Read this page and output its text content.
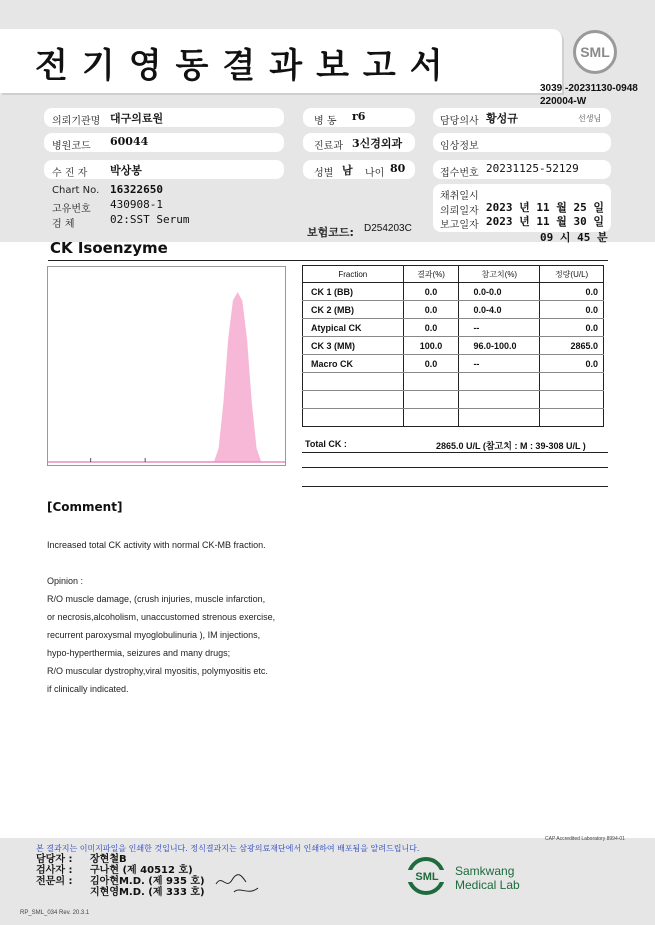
전기영동결과보고서	SML
3039 -20231130-0948
220004-W
의뢰기관명 대구의료원
병원코드 60044
수 진 자 박상봉
Chart No. 16322650
고유번호 430908-1
검 체	02:SST Serum
병 동 r6
진료과 3신경외과
성별 남 나이 80
보험코드: D254203C
담당의사 황성규	선생님
임상정보
접수번호 20231125-52129
채취일시
의뢰일자 2023 년 11 월 25 일
보고일자 2023 년 11 월 30 일
09 시 45 분
CK Isoenzyme
Fraction	결과(%)	참고치(%)	정량(U/L)
CK 1 (BB)	0.0	0.0-0.0	0.0
CK 2 (MB)	0.0	0.0-4.0	0.0
Atypical CK	0.0	--	0.0
CK 3 (MM)	100.0	96.0-100.0	2865.0
Macro CK	0.0	--	0.0

Total CK :	2865.0 U/L (참고치 : M : 39-308 U/L )
[Comment]
Increased total CK activity with normal CK-MB fraction.
Opinion :
R/O muscle damage, (crush injuries, muscle infarction,
or necrosis,alcoholism, unaccustomed strenous exercise,
recurrent paroxysmal myoglobulinuria ), IM injections,
hypo-hyperthermia, seizures and many drugs;
R/O muscular dystrophy,viral myositis, polymyositis etc.
if clinically indicated.
CAP Accredited Laboratory 8994-01
본 결과지는 이미지파일을 인쇄한 것입니다. 정식결과지는 삼광의료재단에서 인쇄하여 배포됨을 알려드립니다.
담당자 : 장현철B
검사자 : 구나현 (제 40512 호)
전문의 : 김아현M.D. (제 935 호)
지현영M.D. (제 333 호)
SML Samkwang
Medical Lab
RP_SML_034 Rev. 20.3.1
